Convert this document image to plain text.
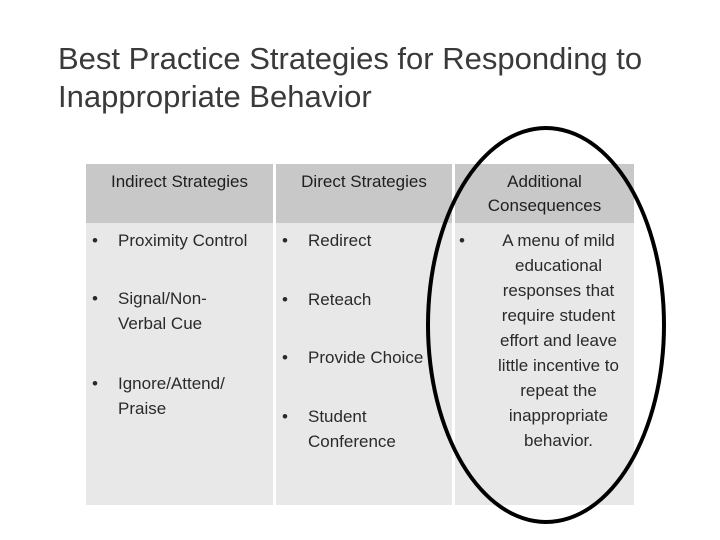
Best Practice Strategies for Responding to
Inappropriate Behavior
Indirect Strategies
• Proximity Control
• Signal/Non-Verbal Cue
• Ignore/Attend/ Praise
Direct Strategies
• Redirect
• Reteach
• Provide Choice
• Student Conference
Additional
Consequences
• A menu of mild educational responses that require student effort and leave little incentive to repeat the inappropriate behavior.
